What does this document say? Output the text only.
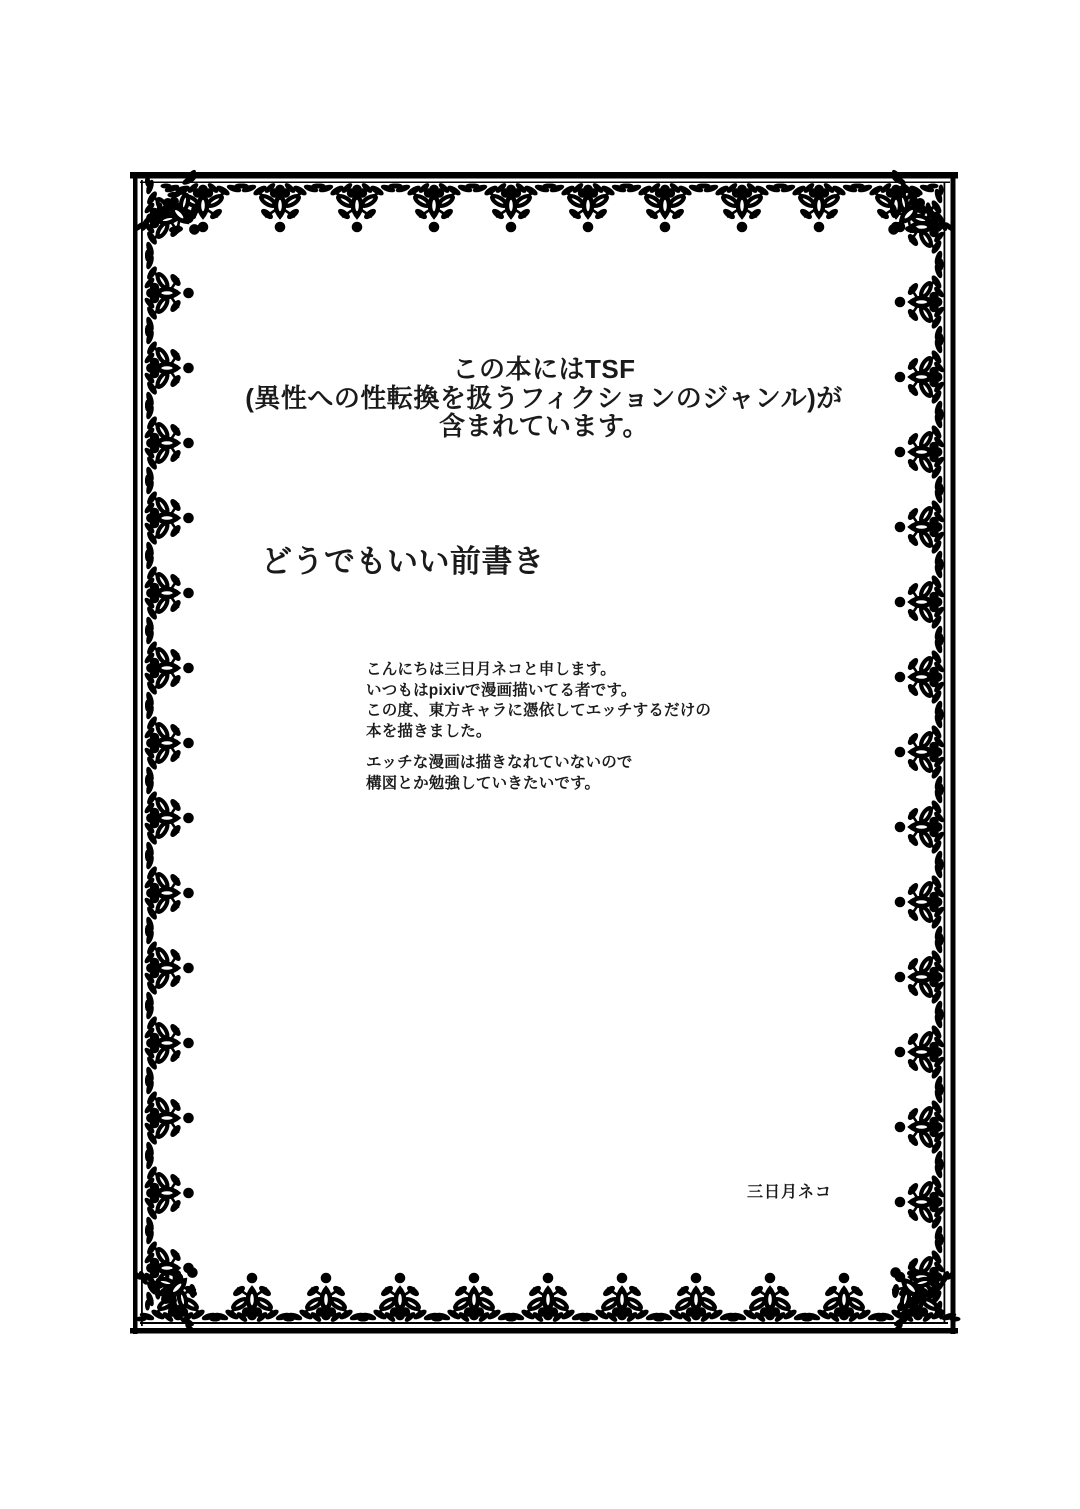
この本にはTSF
(異性への性転換を扱うフィクションのジャンル)が
含まれています。
どうでもいい前書き

こんにちは三日月ネコと申します。
いつもはpixivで漫画描いてる者です。
この度、東方キャラに憑依してエッチするだけの
本を描きました。

エッチな漫画は描きなれていないので
構図とか勉強していきたいです。

三日月ネコ
